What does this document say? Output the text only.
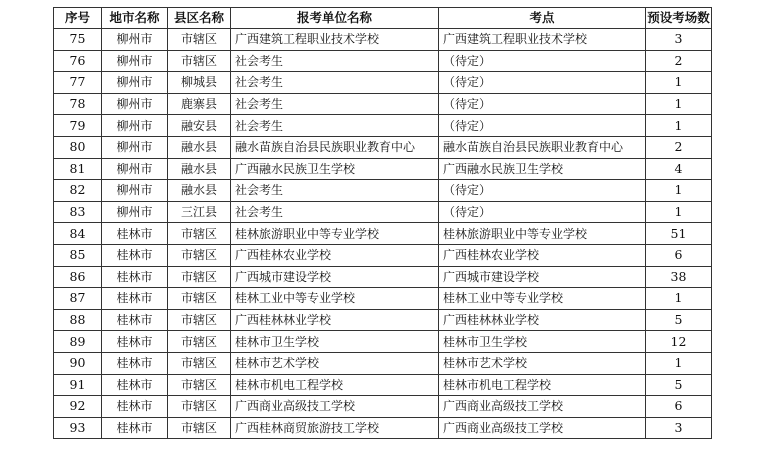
序号	地市名称	县区名称	报考单位名称	考点	预设考场数
75	柳州市	市辖区	广西建筑工程职业技术学校	广西建筑工程职业技术学校	3
76	柳州市	市辖区	社会考生	（待定）	2
77	柳州市	柳城县	社会考生	（待定）	1
78	柳州市	鹿寨县	社会考生	（待定）	1
79	柳州市	融安县	社会考生	（待定）	1
80	柳州市	融水县	融水苗族自治县民族职业教育中心	融水苗族自治县民族职业教育中心	2
81	柳州市	融水县	广西融水民族卫生学校	广西融水民族卫生学校	4
82	柳州市	融水县	社会考生	（待定）	1
83	柳州市	三江县	社会考生	（待定）	1
84	桂林市	市辖区	桂林旅游职业中等专业学校	桂林旅游职业中等专业学校	51
85	桂林市	市辖区	广西桂林农业学校	广西桂林农业学校	6
86	桂林市	市辖区	广西城市建设学校	广西城市建设学校	38
87	桂林市	市辖区	桂林工业中等专业学校	桂林工业中等专业学校	1
88	桂林市	市辖区	广西桂林林业学校	广西桂林林业学校	5
89	桂林市	市辖区	桂林市卫生学校	桂林市卫生学校	12
90	桂林市	市辖区	桂林市艺术学校	桂林市艺术学校	1
91	桂林市	市辖区	桂林市机电工程学校	桂林市机电工程学校	5
92	桂林市	市辖区	广西商业高级技工学校	广西商业高级技工学校	6
93	桂林市	市辖区	广西桂林商贸旅游技工学校	广西商业高级技工学校	3
